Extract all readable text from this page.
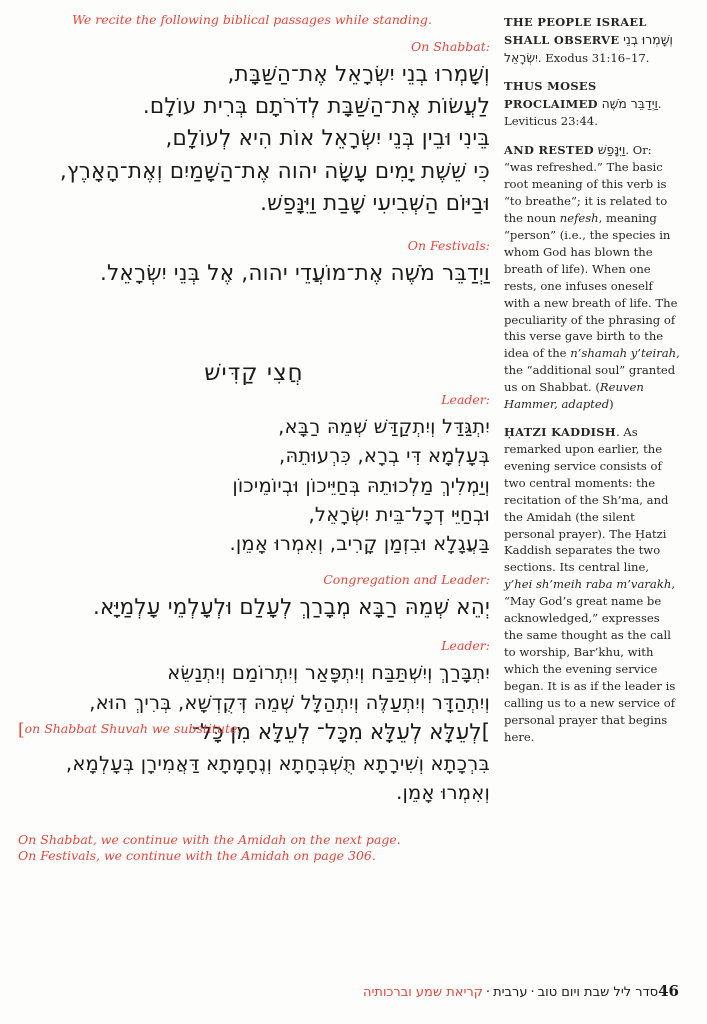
We recite the following biblical passages while standing.
On Shabbat:
וְשָׁמְרוּ בְנֵי יִשְׂרָאֵל אֶת־הַשַּׁבָּת,
לַעֲשׂוֹת אֶת־הַשַּׁבָּת לְדֹרֹתָם בְּרִית עוֹלָם.
בֵּינִי וּבֵין בְּנֵי יִשְׂרָאֵל אוֹת הִיא לְעוֹלָם,
כִּי שֵׁשֶׁת יָמִים עָשָׂה יהוה אֶת־הַשָּׁמַיִם וְאֶת־הָאָרֶץ,
וּבַיּוֹם הַשְּׁבִיעִי שָׁבַת וַיִּנָּפַשׁ.
On Festivals:
וַיְדַבֵּר מֹשֶׁה אֶת־מוֹעֲדֵי יהוה, אֶל בְּנֵי יִשְׂרָאֵל.
חֲצִי קַדִּישׁ
Leader:
יִתְגַּדַּל וְיִתְקַדַּשׁ שְׁמֵהּ רַבָּא,
בְּעָלְמָא דִּי בְרָא, כִּרְעוּתֵהּ,
וְיַמְלִיךְ מַלְכוּתֵהּ בְּחַיֵּיכוֹן וּבְיוֹמֵיכוֹן
וּבְחַיֵּי דְכָל־בֵּית יִשְׂרָאֵל,
בַּעֲגָלָא וּבִזְמַן קָרִיב, וְאִמְרוּ אָמֵן.
Congregation and Leader:
יְהֵא שְׁמֵהּ רַבָּא מְבָרַךְ לְעָלַם וּלְעָלְמֵי עָלְמַיָּא.
Leader:
יִתְבָּרַךְ וְיִשְׁתַּבַּח וְיִתְפָּאַר וְיִתְרוֹמַם וְיִתְנַשֵּׂא
וְיִתְהַדָּר וְיִתְעַלֶּה וְיִתְהַלָּל שְׁמֵהּ דְּקֻדְשָׁא, בְּרִיךְ הוּא,
[on Shabbat Shuvah we substitute:	]לְעֵלָּא לְעֵלָּא מִכָּל־ לְעֵלָּא מִן כָּל־
בִּרְכָתָא וְשִׁירָתָא תֻּשְׁבְּחָתָא וְנֶחָמָתָא דַּאֲמִירָן בְּעָלְמָא,
וְאִמְרוּ אָמֵן.
On Shabbat, we continue with the Amidah on the next page.
On Festivals, we continue with the Amidah on page 306.

THE PEOPLE ISRAEL SHALL OBSERVE וְשָׁמְרוּ בְנֵי יִשְׂרָאֵל. Exodus 31:16–17.

THUS MOSES PROCLAIMED וַיְדַבֵּר מֹשֶׁה. Leviticus 23:44.

AND RESTED וַיִּנָּפַשׁ. Or: “was refreshed.” The basic root meaning of this verb is “to breathe”; it is related to the noun nefesh, meaning “person” (i.e., the species in whom God has blown the breath of life). When one rests, one infuses oneself with a new breath of life. The peculiarity of the phrasing of this verse gave birth to the idea of the n’shamah y’teirah, the “additional soul” granted us on Shabbat. (Reuven Hammer, adapted)

ḤATZI KADDISH. As remarked upon earlier, the evening service consists of two central moments: the recitation of the Sh’ma, and the Amidah (the silent personal prayer). The Ḥatzi Kaddish separates the two sections. Its central line, y’hei sh’meih raba m’varakh, “May God’s great name be acknowledged,” expresses the same thought as the call to worship, Bar’khu, with which the evening service began. It is as if the leader is calling us to a new service of personal prayer that begins here.

46סדר ליל שבת ויום טוב·ערבית·קריאת שמע וברכותיה
